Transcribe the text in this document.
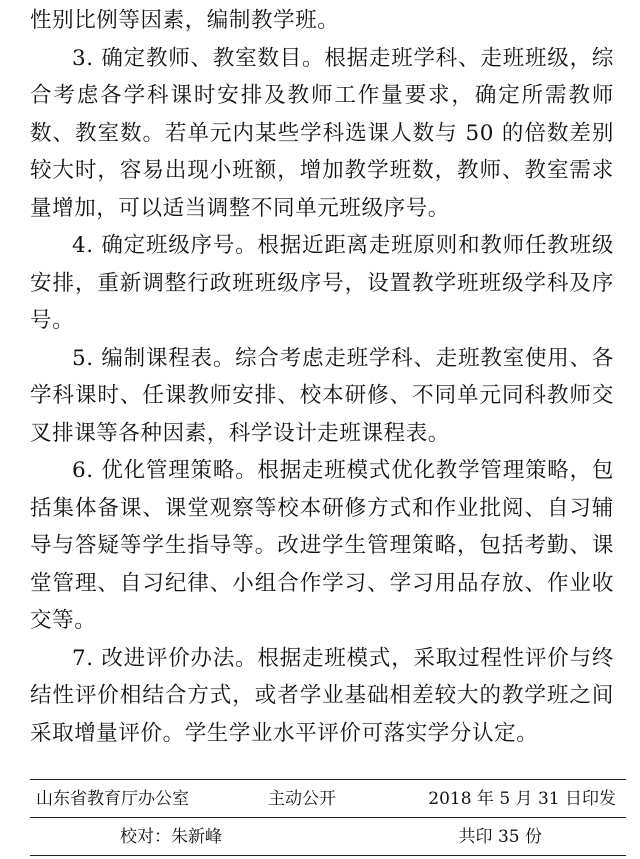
性别比例等因素，编制教学班。

3. 确定教师、教室数目。根据走班学科、走班班级，综合考虑各学科课时安排及教师工作量要求，确定所需教师数、教室数。若单元内某些学科选课人数与 50 的倍数差别较大时，容易出现小班额，增加教学班数，教师、教室需求量增加，可以适当调整不同单元班级序号。

4. 确定班级序号。根据近距离走班原则和教师任教班级安排，重新调整行政班班级序号，设置教学班班级学科及序号。

5. 编制课程表。综合考虑走班学科、走班教室使用、各学科课时、任课教师安排、校本研修、不同单元同科教师交叉排课等各种因素，科学设计走班课程表。

6. 优化管理策略。根据走班模式优化教学管理策略，包括集体备课、课堂观察等校本研修方式和作业批阅、自习辅导与答疑等学生指导等。改进学生管理策略，包括考勤、课堂管理、自习纪律、小组合作学习、学习用品存放、作业收交等。

7. 改进评价办法。根据走班模式，采取过程性评价与终结性评价相结合方式，或者学业基础相差较大的教学班之间采取增量评价。学生学业水平评价可落实学分认定。

山东省教育厅办公室	主动公开	2018 年 5 月 31 日印发
校对：朱新峰	共印 35 份
